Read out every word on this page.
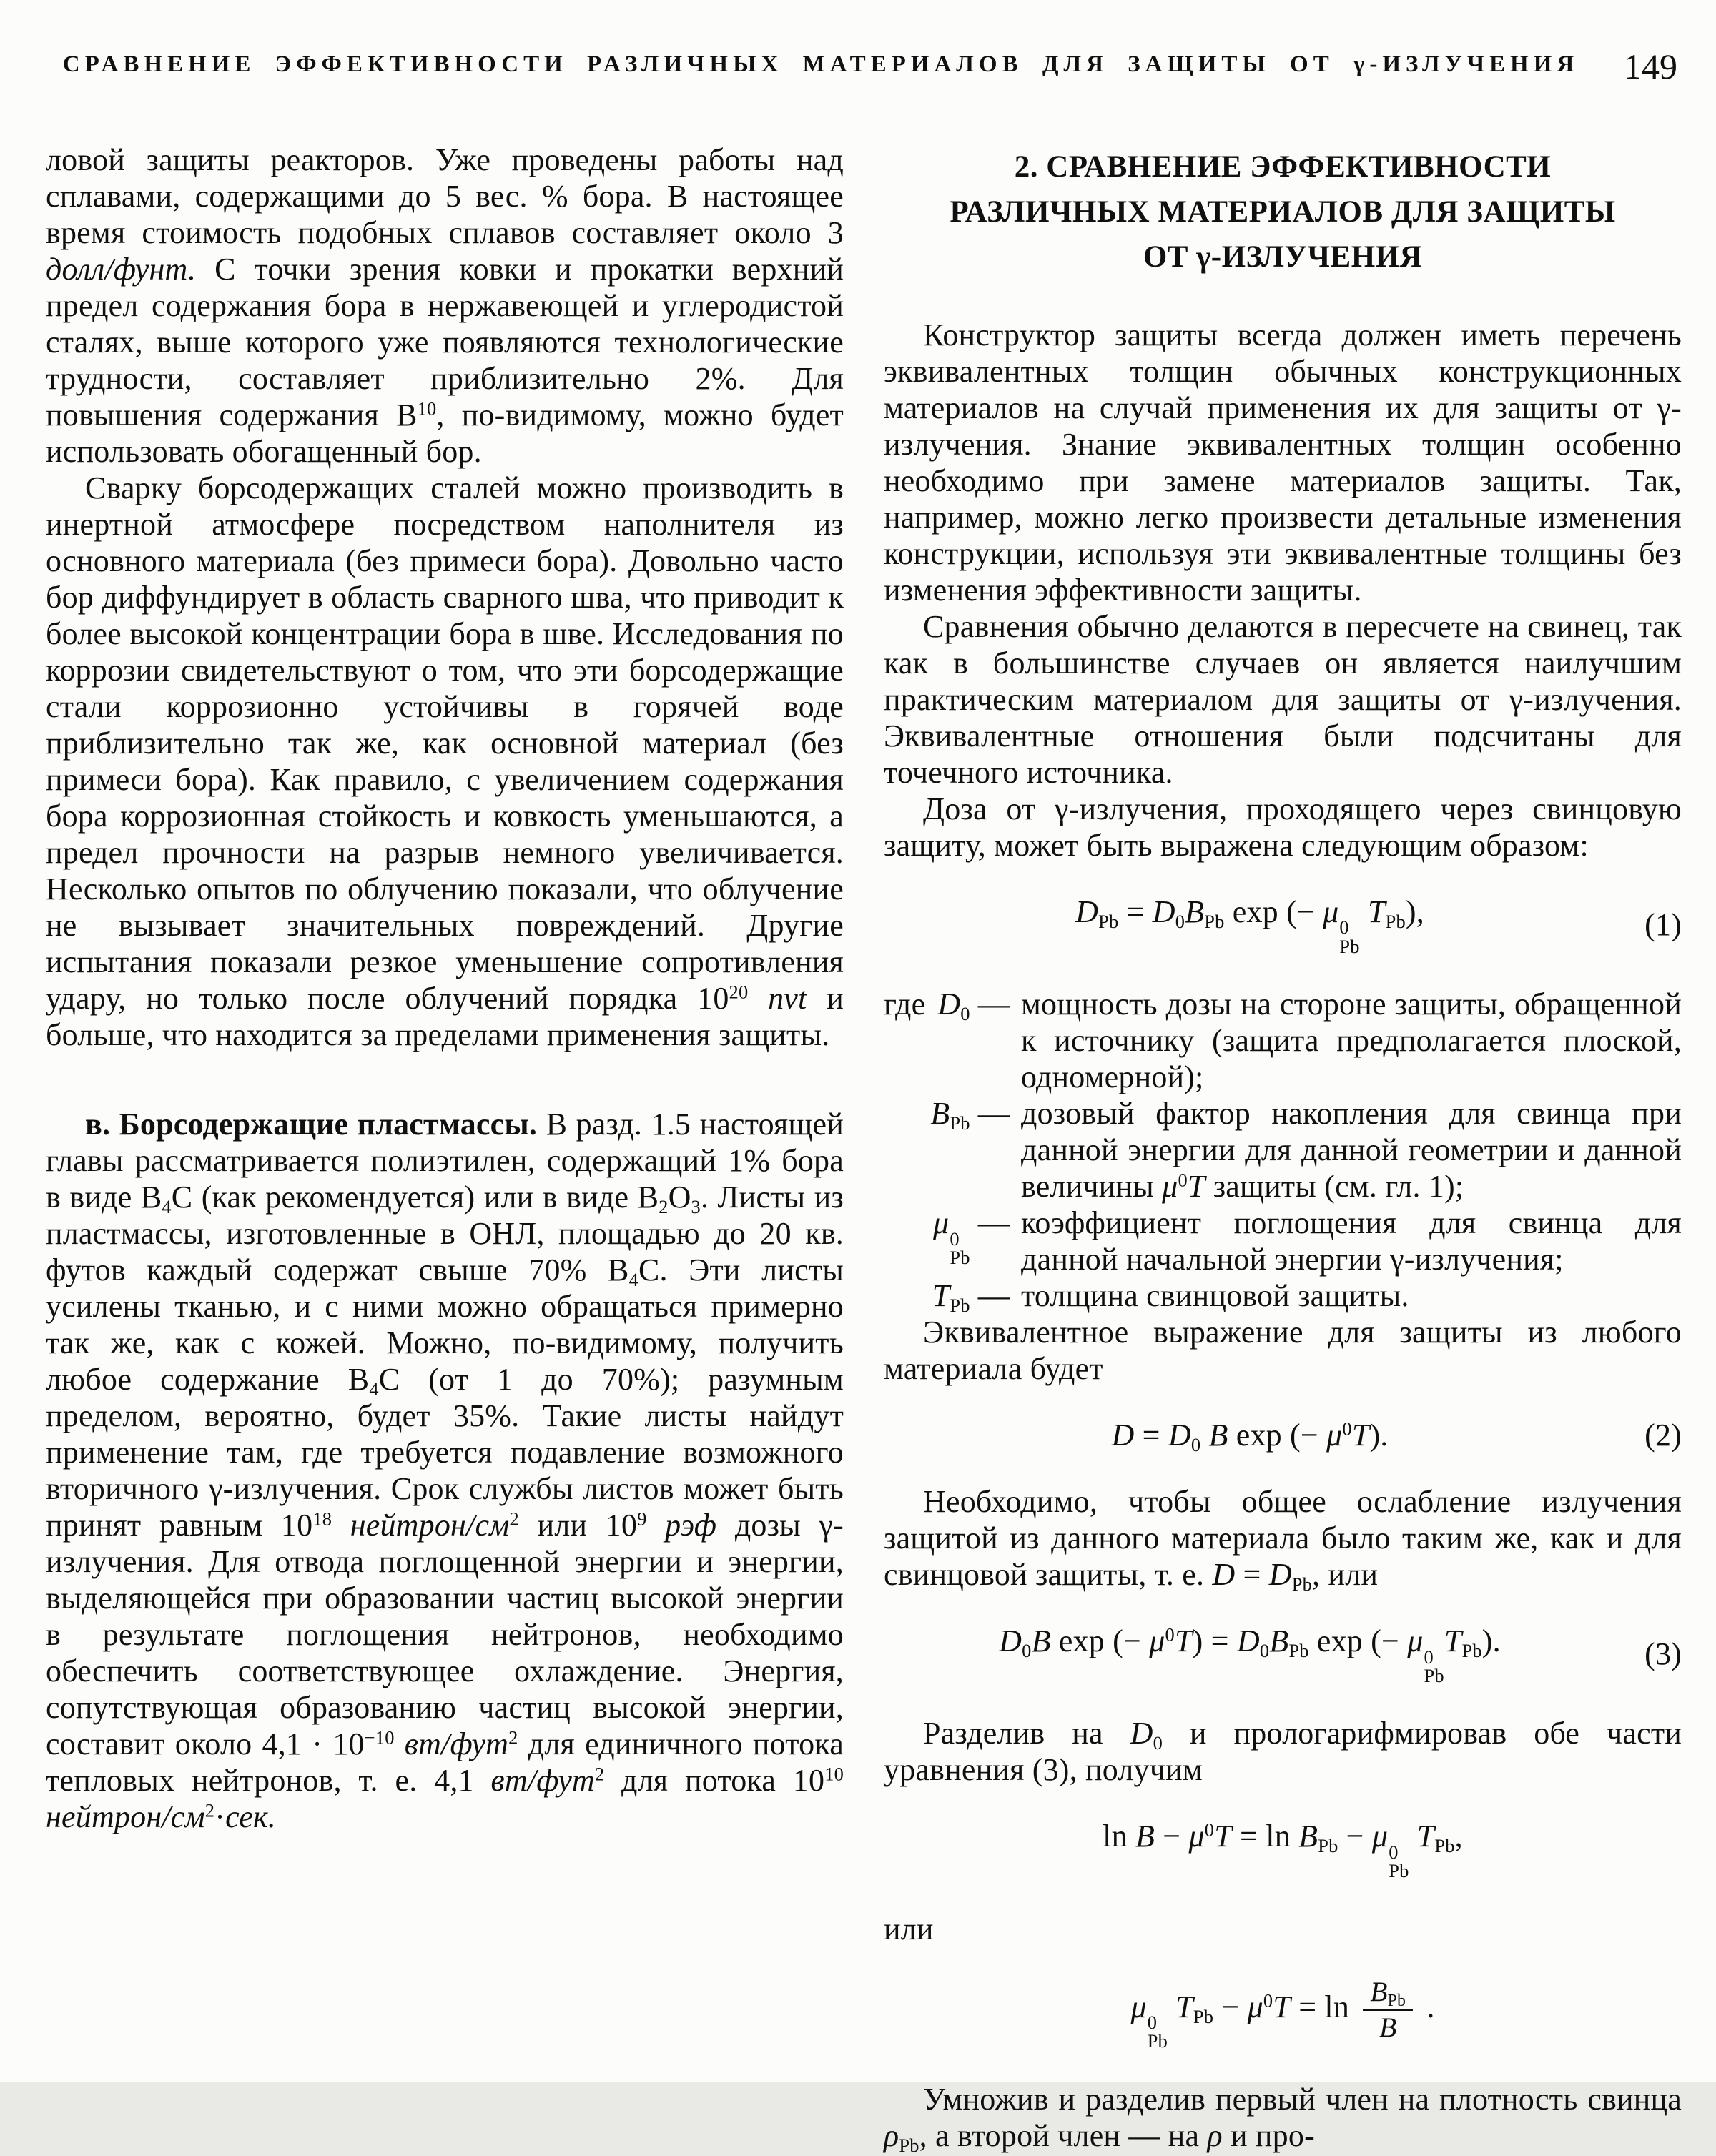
СРАВНЕНИЕ ЭФФЕКТИВНОСТИ РАЗЛИЧНЫХ МАТЕРИАЛОВ ДЛЯ ЗАЩИТЫ ОТ γ-ИЗЛУЧЕНИЯ	149

ловой защиты реакторов. Уже проведены работы над сплавами, содержащими до 5 вес. % бора. В настоящее время стоимость подобных сплавов составляет около 3 долл/фунт. С точки зрения ковки и прокатки верхний предел содержания бора в нержавеющей и углеродистой сталях, выше которого уже появляются технологические трудности, составляет приблизительно 2%. Для повышения содержания $B^{10}$, по-видимому, можно будет использовать обогащенный бор.

Сварку борсодержащих сталей можно производить в инертной атмосфере посредством наполнителя из основного материала (без примеси бора). Довольно часто бор диффундирует в область сварного шва, что приводит к более высокой концентрации бора в шве. Исследования по коррозии свидетельствуют о том, что эти борсодержащие стали коррозионно устойчивы в горячей воде приблизительно так же, как основной материал (без примеси бора). Как правило, с увеличением содержания бора коррозионная стойкость и ковкость уменьшаются, а предел прочности на разрыв немного увеличивается. Несколько опытов по облучению показали, что облучение не вызывает значительных повреждений. Другие испытания показали резкое уменьшение сопротивления удару, но только после облучений порядка $10^{20}$ nvt и больше, что находится за пределами применения защиты.

в. Борсодержащие пластмассы. В разд. 1.5 настоящей главы рассматривается полиэтилен, содержащий 1% бора в виде $B_4C$ (как рекомендуется) или в виде $B_2O_3$. Листы из пластмассы, изготовленные в ОНЛ, площадью до 20 кв. футов каждый содержат свыше 70% $B_4C$. Эти листы усилены тканью, и с ними можно обращаться примерно так же, как с кожей. Можно, по-видимому, получить любое содержание $B_4C$ (от 1 до 70%); разумным пределом, вероятно, будет 35%. Такие листы найдут применение там, где требуется подавление возможного вторичного γ-излучения. Срок службы листов может быть принят равным $10^{18}$ нейтрон/$см^2$ или $10^9$ рэф дозы γ-излучения. Для отвода поглощенной энергии и энергии, выделяющейся при образовании частиц высокой энергии в результате поглощения нейтронов, необходимо обеспечить соответствующее охлаждение. Энергия, сопутствующая образованию частиц высокой энергии, составит около $4,1 \cdot 10^{-10}$ вт/фут$^2$ для единичного потока тепловых нейтронов, т. е. 4,1 вт/фут$^2$ для потока $10^{10}$ нейтрон/$см^2\cdot сек$.

2. СРАВНЕНИЕ ЭФФЕКТИВНОСТИ
РАЗЛИЧНЫХ МАТЕРИАЛОВ ДЛЯ ЗАЩИТЫ
ОТ γ-ИЗЛУЧЕНИЯ

Конструктор защиты всегда должен иметь перечень эквивалентных толщин обычных конструкционных материалов на случай применения их для защиты от γ-излучения. Знание эквивалентных толщин особенно необходимо при замене материалов защиты. Так, например, можно легко произвести детальные изменения конструкции, используя эти эквивалентные толщины без изменения эффективности защиты.

Сравнения обычно делаются в пересчете на свинец, так как в большинстве случаев он является наилучшим практическим материалом для защиты от γ-излучения. Эквивалентные отношения были подсчитаны для точечного источника.

Доза от γ-излучения, проходящего через свинцовую защиту, может быть выражена следующим образом:

$D_{Pb} = D_0B_{Pb}$ exp (− μ 0
Pb
$T_{Pb}$),	(1)
где $D_0$ — мощность дозы на стороне защиты, обращенной к источнику (защита предполагается плоской, одномерной);
$B_{Pb}$ — дозовый фактор накопления для свинца при данной энергии для данной геометрии и данной величины $\mu^0T$ защиты (см. гл. 1);
μ 0
Pb
— коэффициент поглощения для свинца для данной начальной энергии γ-излучения;
$T_{Pb}$ — толщина свинцовой защиты.

Эквивалентное выражение для защиты из любого материала будет

$D = D_0$ B exp (− $\mu^0T$).	(2)

Необходимо, чтобы общее ослабление излучения защитой из данного материала было таким же, как и для свинцовой защиты, т. е. $D = D_{Pb}$, или

$D_0B$ exp (− $\mu^0T) = D_0B_{Pb}$ exp (− μ 0
Pb
$T_{Pb}$).	(3)

Разделив на $D_0$ и прологарифмировав обе части уравнения (3), получим

$\ln B - \mu^0T = \ln B_{Pb} - \mu$ 0
Pb
$T_{Pb}$,

или

μ 0
Pb
$T_{Pb} - \mu^0T = \ln \frac{B_{Pb}}{B}$ .

Умножив и разделив первый член на плотность свинца $\rho_{Pb}$, а второй член — на ρ и про-
